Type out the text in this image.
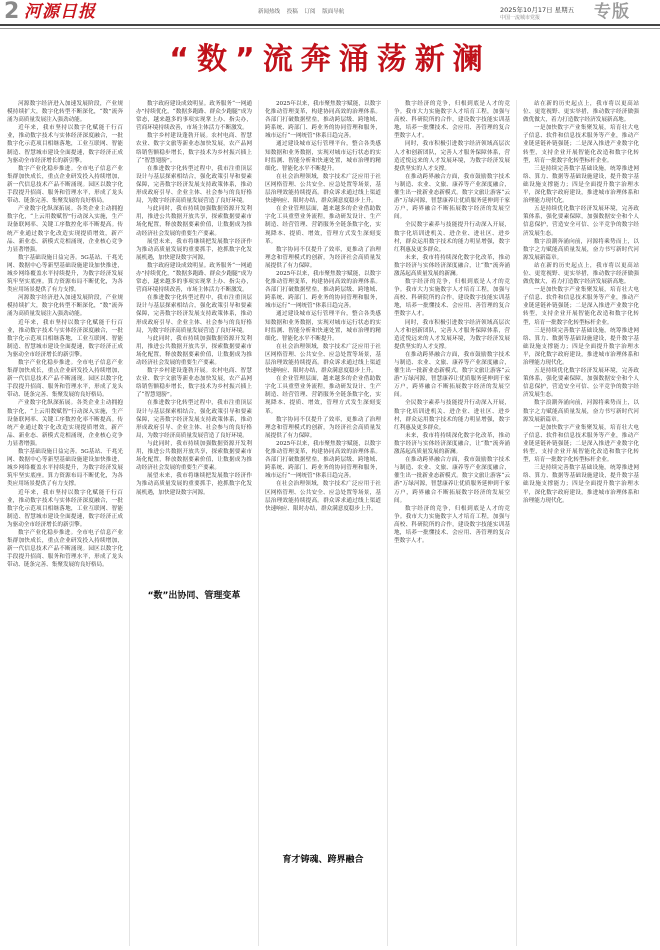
2 河源日报	新闻热线 投稿 订阅 版面导航	2025年10月17日 星期五
中国一流城市党报	专版
“数”流奔涌荡新澜

河源数字经济进入加速发展阶段，产业规模持续扩大，数字化转型不断深化，“数”流奔涌为高质量发展注入强劲动能。

近年来，我市坚持以数字化赋能千行百业，推动数字技术与实体经济深度融合，一批数字化示范项目相继落地，工业互联网、智能制造、智慧城市建设全面提速，数字经济正成为驱动全市经济增长的新引擎。

数字产业化稳步推进。全市电子信息产业集群加快成长，重点企业研发投入持续增加，新一代信息技术产品不断涌现。园区以数字化手段提升招商、服务和管理水平，形成了龙头带动、链条完善、集聚发展的良好格局。

产业数字化纵深拓展。各类企业主动拥抱数字化，“上云用数赋智”行动深入实施，生产设备联网率、关键工序数控化率不断提高。传统产业通过数字化改造实现提质增效，新产品、新业态、新模式竞相涌现，企业核心竞争力显著增强。

数字基础设施日益完善。5G基站、千兆光网、数据中心等新型基础设施建设加快推进，城乡网络覆盖水平持续提升，为数字经济发展筑牢坚实底座。算力资源布局不断优化，为各类应用场景提供了有力支撑。

河源数字经济进入加速发展阶段，产业规模持续扩大，数字化转型不断深化，“数”流奔涌为高质量发展注入强劲动能。

近年来，我市坚持以数字化赋能千行百业，推动数字技术与实体经济深度融合，一批数字化示范项目相继落地，工业互联网、智能制造、智慧城市建设全面提速，数字经济正成为驱动全市经济增长的新引擎。

数字产业化稳步推进。全市电子信息产业集群加快成长，重点企业研发投入持续增加，新一代信息技术产品不断涌现。园区以数字化手段提升招商、服务和管理水平，形成了龙头带动、链条完善、集聚发展的良好格局。

产业数字化纵深拓展。各类企业主动拥抱数字化，“上云用数赋智”行动深入实施，生产设备联网率、关键工序数控化率不断提高。传统产业通过数字化改造实现提质增效，新产品、新业态、新模式竞相涌现，企业核心竞争力显著增强。

数字基础设施日益完善。5G基站、千兆光网、数据中心等新型基础设施建设加快推进，城乡网络覆盖水平持续提升，为数字经济发展筑牢坚实底座。算力资源布局不断优化，为各类应用场景提供了有力支撑。

近年来，我市坚持以数字化赋能千行百业，推动数字技术与实体经济深度融合，一批数字化示范项目相继落地，工业互联网、智能制造、智慧城市建设全面提速，数字经济正成为驱动全市经济增长的新引擎。

数字产业化稳步推进。全市电子信息产业集群加快成长，重点企业研发投入持续增加，新一代信息技术产品不断涌现。园区以数字化手段提升招商、服务和管理水平，形成了龙头带动、链条完善、集聚发展的良好格局。

数字政府建设成效明显。政务服务“一网通办”持续优化，“数据多跑路、群众少跑腿”成为常态，越来越多的事项实现掌上办、指尖办，营商环境持续改善，市场主体活力不断激发。

数字乡村建设蓬勃开展。农村电商、智慧农业、数字文旅等新业态加快发展，农产品网络销售额稳步增长，数字技术为乡村振兴插上了“智慧翅膀”。

在推进数字化转型过程中，我市注重顶层设计与基层探索相结合，强化政策引导和要素保障，完善数字经济发展支持政策体系，推动形成政府引导、企业主体、社会参与的良好格局，为数字经济高质量发展营造了良好环境。

与此同时，我市持续加强数据资源开发利用，推进公共数据开放共享，探索数据要素市场化配置，释放数据要素价值，让数据成为推动经济社会发展的重要生产要素。

展望未来，我市将继续把发展数字经济作为推动高质量发展的重要抓手，抢抓数字化发展机遇，加快建设数字河源。

数字政府建设成效明显。政务服务“一网通办”持续优化，“数据多跑路、群众少跑腿”成为常态，越来越多的事项实现掌上办、指尖办，营商环境持续改善，市场主体活力不断激发。

在推进数字化转型过程中，我市注重顶层设计与基层探索相结合，强化政策引导和要素保障，完善数字经济发展支持政策体系，推动形成政府引导、企业主体、社会参与的良好格局，为数字经济高质量发展营造了良好环境。

与此同时，我市持续加强数据资源开发利用，推进公共数据开放共享，探索数据要素市场化配置，释放数据要素价值，让数据成为推动经济社会发展的重要生产要素。

数字乡村建设蓬勃开展。农村电商、智慧农业、数字文旅等新业态加快发展，农产品网络销售额稳步增长，数字技术为乡村振兴插上了“智慧翅膀”。

在推进数字化转型过程中，我市注重顶层设计与基层探索相结合，强化政策引导和要素保障，完善数字经济发展支持政策体系，推动形成政府引导、企业主体、社会参与的良好格局，为数字经济高质量发展营造了良好环境。

与此同时，我市持续加强数据资源开发利用，推进公共数据开放共享，探索数据要素市场化配置，释放数据要素价值，让数据成为推动经济社会发展的重要生产要素。

展望未来，我市将继续把发展数字经济作为推动高质量发展的重要抓手，抢抓数字化发展机遇，加快建设数字河源。

“数”出协同、管理变革

2025年以来，我市聚焦数字赋能，以数字化推动管理变革，构建协同高效的治理体系。各部门打破数据壁垒，推动跨层级、跨地域、跨系统、跨部门、跨业务的协同管理和服务，城市运行“一网统管”体系日趋完善。

通过建设城市运行管理平台，整合各类感知数据和业务数据，实现对城市运行状态的实时监测、智能分析和快速处置，城市治理的精细化、智能化水平不断提升。

在社会治理领域，数字技术广泛应用于社区网格管理、公共安全、应急处置等场景，基层治理效能持续提高。群众诉求通过线上渠道快速响应、限时办结，群众满意度稳步上升。

在企业管理层面，越来越多的企业借助数字化工具重塑业务流程，推动研发设计、生产制造、经营管理、营销服务全链条数字化，实现降本、提质、增效，管理方式发生深刻变革。

数字协同不仅提升了效率，更推动了治理理念和管理模式的创新，为经济社会高质量发展提供了有力保障。

2025年以来，我市聚焦数字赋能，以数字化推动管理变革，构建协同高效的治理体系。各部门打破数据壁垒，推动跨层级、跨地域、跨系统、跨部门、跨业务的协同管理和服务，城市运行“一网统管”体系日趋完善。

通过建设城市运行管理平台，整合各类感知数据和业务数据，实现对城市运行状态的实时监测、智能分析和快速处置，城市治理的精细化、智能化水平不断提升。

在社会治理领域，数字技术广泛应用于社区网格管理、公共安全、应急处置等场景，基层治理效能持续提高。群众诉求通过线上渠道快速响应、限时办结，群众满意度稳步上升。

在企业管理层面，越来越多的企业借助数字化工具重塑业务流程，推动研发设计、生产制造、经营管理、营销服务全链条数字化，实现降本、提质、增效，管理方式发生深刻变革。

数字协同不仅提升了效率，更推动了治理理念和管理模式的创新，为经济社会高质量发展提供了有力保障。

2025年以来，我市聚焦数字赋能，以数字化推动管理变革，构建协同高效的治理体系。各部门打破数据壁垒，推动跨层级、跨地域、跨系统、跨部门、跨业务的协同管理和服务，城市运行“一网统管”体系日趋完善。

在社会治理领域，数字技术广泛应用于社区网格管理、公共安全、应急处置等场景，基层治理效能持续提高。群众诉求通过线上渠道快速响应、限时办结，群众满意度稳步上升。

育才铸魂、跨界融合

数字经济的竞争，归根到底是人才的竞争。我市大力实施数字人才培育工程，加强与高校、科研院所的合作，建设数字技能实训基地，培养一批懂技术、会应用、善管理的复合型数字人才。

同时，我市积极引进数字经济领域高层次人才和创新团队，完善人才服务保障体系，营造近悦远来的人才发展环境，为数字经济发展提供坚实的人才支撑。

在推动跨界融合方面，我市鼓励数字技术与制造、农业、文旅、康养等产业深度融合，催生出一批新业态新模式。数字文旅让游客“云游”万绿河源，智慧康养让优质服务延伸到千家万户，跨界融合不断拓展数字经济的发展空间。

全民数字素养与技能提升行动深入开展，数字化培训进机关、进企业、进社区、进乡村，群众运用数字技术的能力明显增强，数字红利惠及更多群众。

未来，我市将持续深化数字化改革，推动数字经济与实体经济深度融合，让“数”流奔涌激荡起高质量发展的新澜。

数字经济的竞争，归根到底是人才的竞争。我市大力实施数字人才培育工程，加强与高校、科研院所的合作，建设数字技能实训基地，培养一批懂技术、会应用、善管理的复合型数字人才。

同时，我市积极引进数字经济领域高层次人才和创新团队，完善人才服务保障体系，营造近悦远来的人才发展环境，为数字经济发展提供坚实的人才支撑。

在推动跨界融合方面，我市鼓励数字技术与制造、农业、文旅、康养等产业深度融合，催生出一批新业态新模式。数字文旅让游客“云游”万绿河源，智慧康养让优质服务延伸到千家万户，跨界融合不断拓展数字经济的发展空间。

全民数字素养与技能提升行动深入开展，数字化培训进机关、进企业、进社区、进乡村，群众运用数字技术的能力明显增强，数字红利惠及更多群众。

未来，我市将持续深化数字化改革，推动数字经济与实体经济深度融合，让“数”流奔涌激荡起高质量发展的新澜。

在推动跨界融合方面，我市鼓励数字技术与制造、农业、文旅、康养等产业深度融合，催生出一批新业态新模式。数字文旅让游客“云游”万绿河源，智慧康养让优质服务延伸到千家万户，跨界融合不断拓展数字经济的发展空间。

数字经济的竞争，归根到底是人才的竞争。我市大力实施数字人才培育工程，加强与高校、科研院所的合作，建设数字技能实训基地，培养一批懂技术、会应用、善管理的复合型数字人才。

站在新的历史起点上，我市将以更高站位、更宽视野、更实举措，推动数字经济做强做优做大，着力打造数字经济发展新高地。

一是加快数字产业集聚发展，培育壮大电子信息、软件和信息技术服务等产业，推动产业链延链补链强链；二是深入推进产业数字化转型，支持企业开展智能化改造和数字化转型，培育一批数字化转型标杆企业。

三是持续完善数字基础设施，统筹推进网络、算力、数据等基础设施建设，提升数字基础设施支撑能力；四是全面提升数字治理水平，深化数字政府建设，推进城市治理体系和治理能力现代化。

五是持续优化数字经济发展环境，完善政策体系，强化要素保障，加强数据安全和个人信息保护，营造安全可信、公平竞争的数字经济发展生态。

数字浪潮奔涌向前，河源将乘势而上，以数字之力赋能高质量发展，奋力书写新时代河源发展新篇章。

站在新的历史起点上，我市将以更高站位、更宽视野、更实举措，推动数字经济做强做优做大，着力打造数字经济发展新高地。

一是加快数字产业集聚发展，培育壮大电子信息、软件和信息技术服务等产业，推动产业链延链补链强链；二是深入推进产业数字化转型，支持企业开展智能化改造和数字化转型，培育一批数字化转型标杆企业。

三是持续完善数字基础设施，统筹推进网络、算力、数据等基础设施建设，提升数字基础设施支撑能力；四是全面提升数字治理水平，深化数字政府建设，推进城市治理体系和治理能力现代化。

五是持续优化数字经济发展环境，完善政策体系，强化要素保障，加强数据安全和个人信息保护，营造安全可信、公平竞争的数字经济发展生态。

数字浪潮奔涌向前，河源将乘势而上，以数字之力赋能高质量发展，奋力书写新时代河源发展新篇章。

一是加快数字产业集聚发展，培育壮大电子信息、软件和信息技术服务等产业，推动产业链延链补链强链；二是深入推进产业数字化转型，支持企业开展智能化改造和数字化转型，培育一批数字化转型标杆企业。

三是持续完善数字基础设施，统筹推进网络、算力、数据等基础设施建设，提升数字基础设施支撑能力；四是全面提升数字治理水平，深化数字政府建设，推进城市治理体系和治理能力现代化。
